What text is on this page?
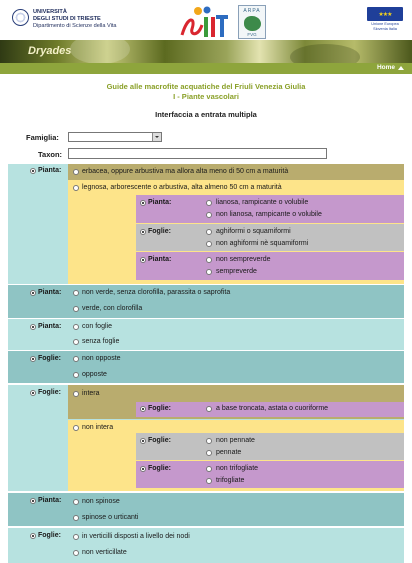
UNIVERSITÀ
DEGLI STUDI DI TRIESTE
Dipartimento di Scienze della Vita
ARPA
FVG
★★★
Unione Europea
Slovenia Italia
Dryades
Home
Guide alle macrofite acquatiche del Friuli Venezia Giulia
I - Piante vascolari
Interfaccia a entrata multipla
Famiglia:
Taxon:
Pianta:	erbacea, oppure arbustiva ma allora alta meno di 50 cm a maturità
legnosa, arborescente o arbustiva, alta almeno 50 cm a maturità
Pianta:	lianosa, rampicante o volubile
non lianosa, rampicante o volubile
Foglie:	aghiformi o squamiformi
non aghiformi nè squamiformi
Pianta:	non sempreverde
sempreverde
Pianta:	non verde, senza clorofilla, parassita o saprofita
verde, con clorofilla
Pianta:	con foglie
senza foglie
Foglie:	non opposte
opposte
Foglie:	intera
Foglie:	a base troncata, astata o cuoriforme
non intera
Foglie:	non pennate
pennate
Foglie:	non trifogliate
trifogliate
Pianta:	non spinose
spinose o urticanti
Foglie:	in verticilli disposti a livello dei nodi
non verticillate
